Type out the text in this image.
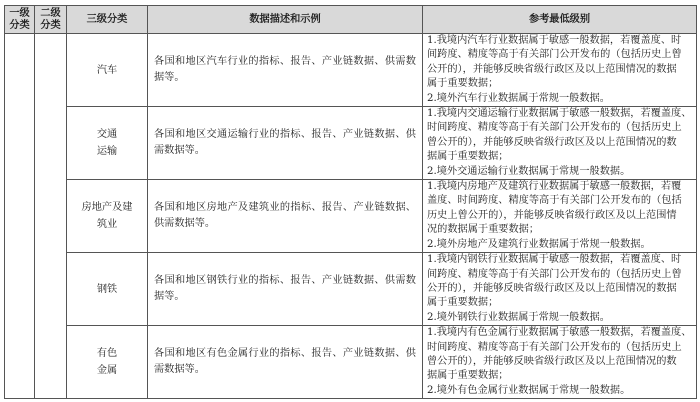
一级分类	二级分类	三级分类	数据描述和示例	参考最低级别
		汽车	各国和地区汽车行业的指标、报告、产业链数据、供需数据等。	1.我境内汽车行业数据属于敏感一般数据，若覆盖度、时
间跨度、精度等高于有关部门公开发布的（包括历史上曾
公开的），并能够反映省级行政区及以上范围情况的数据
属于重要数据；
2.境外汽车行业数据属于常规一般数据。

		交通运输	各国和地区交通运输行业的指标、报告、产业链数据、供需数据等。	1.我境内交通运输行业数据属于敏感一般数据，若覆盖度、
时间跨度、精度等高于有关部门公开发布的（包括历史上
曾公开的），并能够反映省级行政区及以上范围情况的数
据属于重要数据；
2.境外交通运输行业数据属于常规一般数据。

		房地产及建筑业	各国和地区房地产及建筑业的指标、报告、产业链数据、供需数据等。	1.我境内房地产及建筑行业数据属于敏感一般数据，若覆
盖度、时间跨度、精度等高于有关部门公开发布的（包括
历史上曾公开的），并能够反映省级行政区及以上范围情
况的数据属于重要数据；
2.境外房地产及建筑行业数据属于常规一般数据。

		钢铁	各国和地区钢铁行业的指标、报告、产业链数据、供需数据等。	1.我境内钢铁行业数据属于敏感一般数据，若覆盖度、时
间跨度、精度等高于有关部门公开发布的（包括历史上曾
公开的），并能够反映省级行政区及以上范围情况的数据
属于重要数据；
2.境外钢铁行业数据属于常规一般数据。

		有色金属	各国和地区有色金属行业的指标、报告、产业链数据、供需数据等。	1.我境内有色金属行业数据属于敏感一般数据，若覆盖度、
时间跨度、精度等高于有关部门公开发布的（包括历史上
曾公开的），并能够反映省级行政区及以上范围情况的数
据属于重要数据；
2.境外有色金属行业数据属于常规一般数据。
